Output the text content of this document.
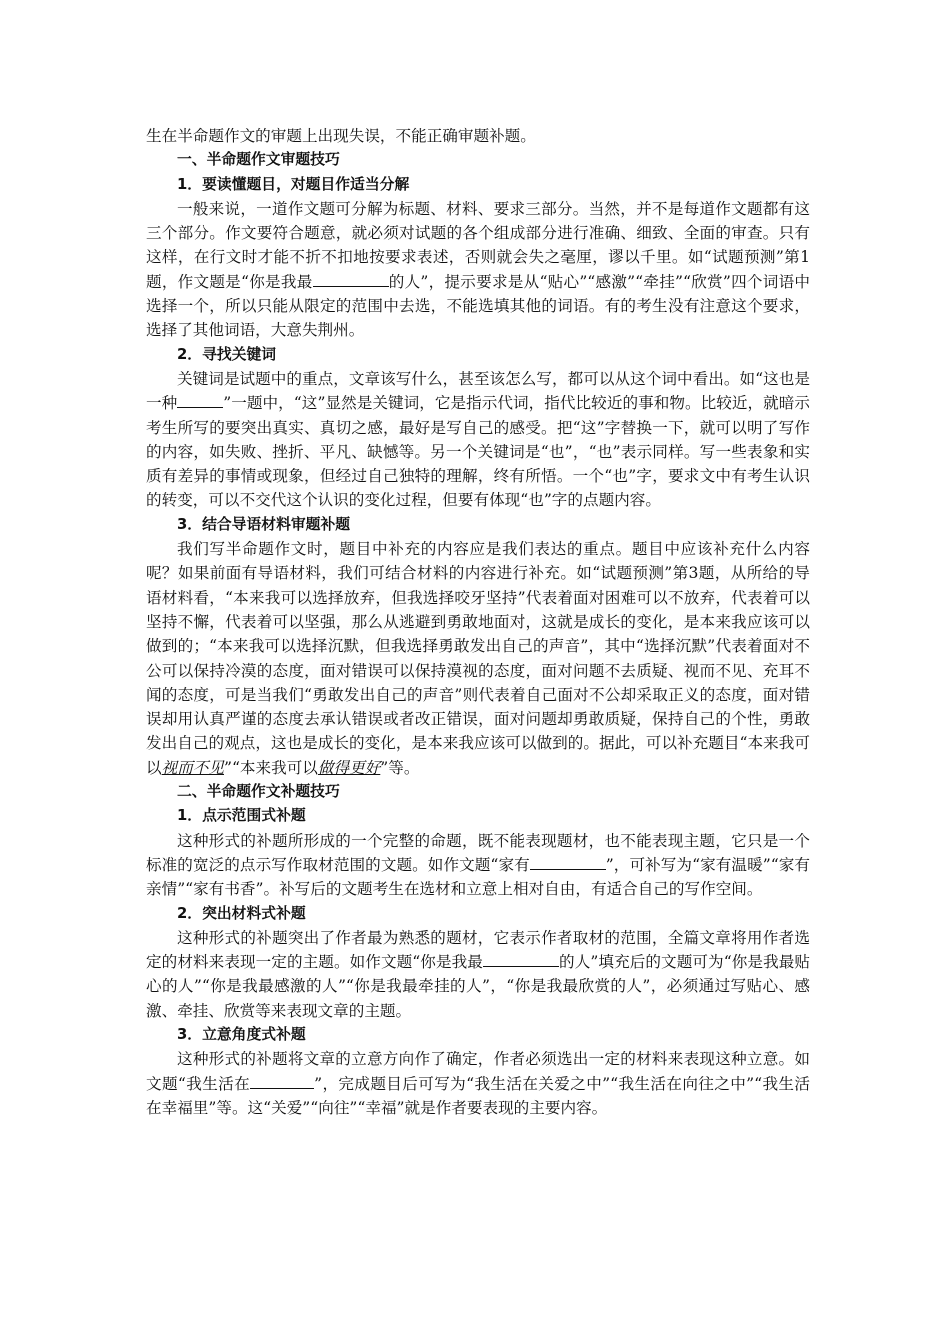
生在半命题作文的审题上出现失误，不能正确审题补题。

一、半命题作文审题技巧

1．要读懂题目，对题目作适当分解

一般来说，一道作文题可分解为标题、材料、要求三部分。当然，并不是每道作文题都有这三个部分。作文要符合题意，就必须对试题的各个组成部分进行准确、细致、全面的审查。只有这样，在行文时才能不折不扣地按要求表述，否则就会失之毫厘，谬以千里。如“试题预测”第1题，作文题是“你是我最	的人”，提示要求是从“贴心”“感激”“牵挂”“欣赏”四个词语中选择一个，所以只能从限定的范围中去选，不能选填其他的词语。有的考生没有注意这个要求，选择了其他词语，大意失荆州。

2．寻找关键词

关键词是试题中的重点，文章该写什么，甚至该怎么写，都可以从这个词中看出。如“这也是一种	”一题中，“这”显然是关键词，它是指示代词，指代比较近的事和物。比较近，就暗示考生所写的要突出真实、真切之感，最好是写自己的感受。把“这”字替换一下，就可以明了写作的内容，如失败、挫折、平凡、缺憾等。另一个关键词是“也”，“也”表示同样。写一些表象和实质有差异的事情或现象，但经过自己独特的理解，终有所悟。一个“也”字，要求文中有考生认识的转变，可以不交代这个认识的变化过程，但要有体现“也”字的点题内容。

3．结合导语材料审题补题

我们写半命题作文时，题目中补充的内容应是我们表达的重点。题目中应该补充什么内容呢？如果前面有导语材料，我们可结合材料的内容进行补充。如“试题预测”第3题，从所给的导语材料看，“本来我可以选择放弃，但我选择咬牙坚持”代表着面对困难可以不放弃，代表着可以坚持不懈，代表着可以坚强，那么从逃避到勇敢地面对，这就是成长的变化，是本来我应该可以做到的；“本来我可以选择沉默，但我选择勇敢发出自己的声音”，其中“选择沉默”代表着面对不公可以保持冷漠的态度，面对错误可以保持漠视的态度，面对问题不去质疑、视而不见、充耳不闻的态度，可是当我们“勇敢发出自己的声音”则代表着自己面对不公却采取正义的态度，面对错误却用认真严谨的态度去承认错误或者改正错误，面对问题却勇敢质疑，保持自己的个性，勇敢发出自己的观点，这也是成长的变化，是本来我应该可以做到的。据此，可以补充题目“本来我可以视而不见”“本来我可以做得更好”等。

二、半命题作文补题技巧

1．点示范围式补题

这种形式的补题所形成的一个完整的命题，既不能表现题材，也不能表现主题，它只是一个标准的宽泛的点示写作取材范围的文题。如作文题“家有	”，可补写为“家有温暖”“家有亲情”“家有书香”。补写后的文题考生在选材和立意上相对自由，有适合自己的写作空间。

2．突出材料式补题

这种形式的补题突出了作者最为熟悉的题材，它表示作者取材的范围，全篇文章将用作者选定的材料来表现一定的主题。如作文题“你是我最	的人”填充后的文题可为“你是我最贴心的人”“你是我最感激的人”“你是我最牵挂的人”，“你是我最欣赏的人”，必须通过写贴心、感激、牵挂、欣赏等来表现文章的主题。

3．立意角度式补题

这种形式的补题将文章的立意方向作了确定，作者必须选出一定的材料来表现这种立意。如文题“我生活在	”，完成题目后可写为“我生活在关爱之中”“我生活在向往之中”“我生活在幸福里”等。这“关爱”“向往”“幸福”就是作者要表现的主要内容。
